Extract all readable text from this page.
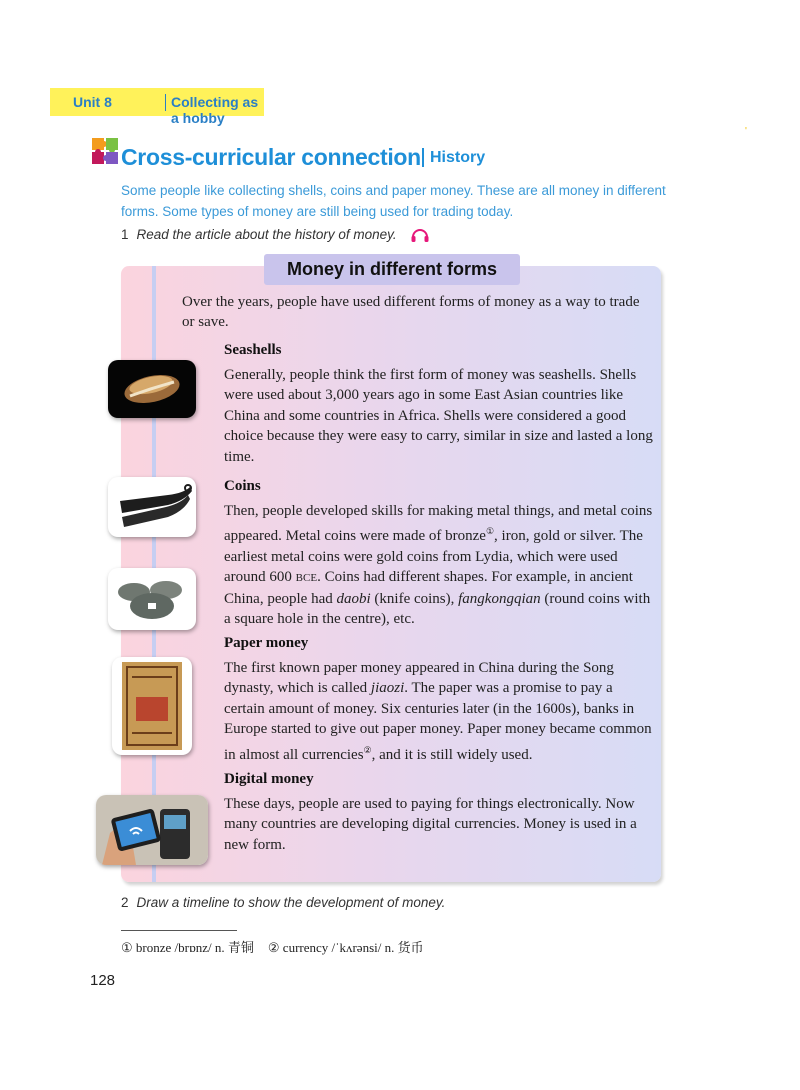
Unit 8	Collecting as a hobby
'
Cross-curricular connection History
Some people like collecting shells, coins and paper money. These are all money in different forms. Some types of money are still being used for trading today.
1 Read the article about the history of money.
Money in different forms
Over the years, people have used different forms of money as a way to trade or save.
Seashells
Generally, people think the first form of money was seashells. Shells were used about 3,000 years ago in some East Asian countries like China and some countries in Africa. Shells were considered a good choice because they were easy to carry, similar in size and lasted a long time.
Coins
Then, people developed skills for making metal things, and metal coins appeared. Metal coins were made of bronze①, iron, gold or silver. The earliest metal coins were gold coins from Lydia, which were used around 600 BCE. Coins had different shapes. For example, in ancient China, people had daobi (knife coins), fangkongqian (round coins with a square hole in the centre), etc.
Paper money
The first known paper money appeared in China during the Song dynasty, which is called jiaozi. The paper was a promise to pay a certain amount of money. Six centuries later (in the 1600s), banks in Europe started to give out paper money. Paper money became common in almost all currencies②, and it is still widely used.
Digital money
These days, people are used to paying for things electronically. Now many countries are developing digital currencies. Money is used in a new form.
2 Draw a timeline to show the development of money.
① bronze /brɒnz/ n. 青铜 ② currency /ˈkʌrənsi/ n. 货币
128
